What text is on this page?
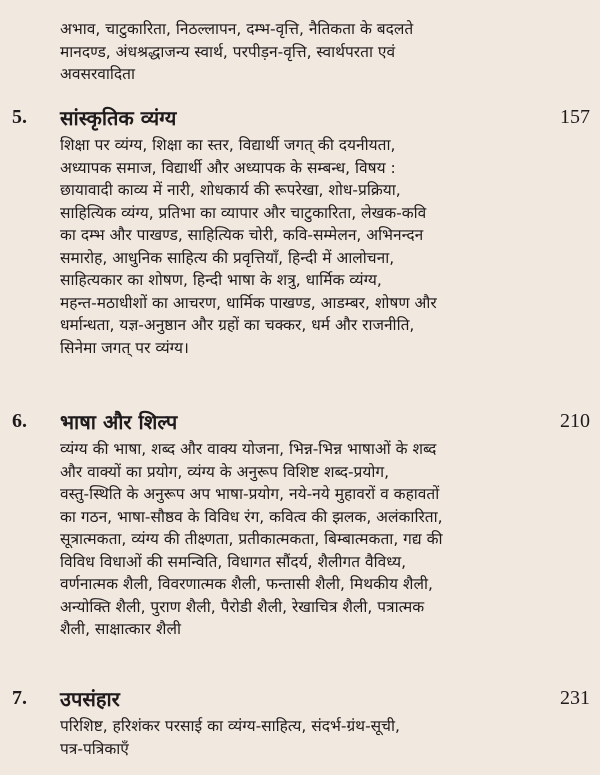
अभाव, चाटुकारिता, निठल्लापन, दम्भ-वृत्ति, नैतिकता के बदलते
मानदण्ड, अंधश्रद्धाजन्य स्वार्थ, परपीड़न-वृत्ति, स्वार्थपरता एवं
अवसरवादिता
5. सांस्कृतिक व्यंग्य	157
शिक्षा पर व्यंग्य, शिक्षा का स्तर, विद्यार्थी जगत् की दयनीयता,
अध्यापक समाज, विद्यार्थी और अध्यापक के सम्बन्ध, विषय :
छायावादी काव्य में नारी, शोधकार्य की रूपरेखा, शोध-प्रक्रिया,
साहित्यिक व्यंग्य, प्रतिभा का व्यापार और चाटुकारिता, लेखक-कवि
का दम्भ और पाखण्ड, साहित्यिक चोरी, कवि-सम्मेलन, अभिनन्दन
समारोह, आधुनिक साहित्य की प्रवृत्तियाँ, हिन्दी में आलोचना,
साहित्यकार का शोषण, हिन्दी भाषा के शत्रु, धार्मिक व्यंग्य,
महन्त-मठाधीशों का आचरण, धार्मिक पाखण्ड, आडम्बर, शोषण और
धर्मान्धता, यज्ञ-अनुष्ठान और ग्रहों का चक्कर, धर्म और राजनीति,
सिनेमा जगत् पर व्यंग्य।
6. भाषा और शिल्प	210
व्यंग्य की भाषा, शब्द और वाक्य योजना, भिन्न-भिन्न भाषाओं के शब्द
और वाक्यों का प्रयोग, व्यंग्य के अनुरूप विशिष्ट शब्द-प्रयोग,
वस्तु-स्थिति के अनुरूप अप भाषा-प्रयोग, नये-नये मुहावरों व कहावतों
का गठन, भाषा-सौष्ठव के विविध रंग, कवित्व की झलक, अलंकारिता,
सूत्रात्मकता, व्यंग्य की तीक्ष्णता, प्रतीकात्मकता, बिम्बात्मकता, गद्य की
विविध विधाओं की समन्विति, विधागत सौंदर्य, शैलीगत वैविध्य,
वर्णनात्मक शैली, विवरणात्मक शैली, फन्तासी शैली, मिथकीय शैली,
अन्योक्ति शैली, पुराण शैली, पैरोडी शैली, रेखाचित्र शैली, पत्रात्मक
शैली, साक्षात्कार शैली
7. उपसंहार	231
परिशिष्ट, हरिशंकर परसाई का व्यंग्य-साहित्य, संदर्भ-ग्रंथ-सूची,
पत्र-पत्रिकाएँ
